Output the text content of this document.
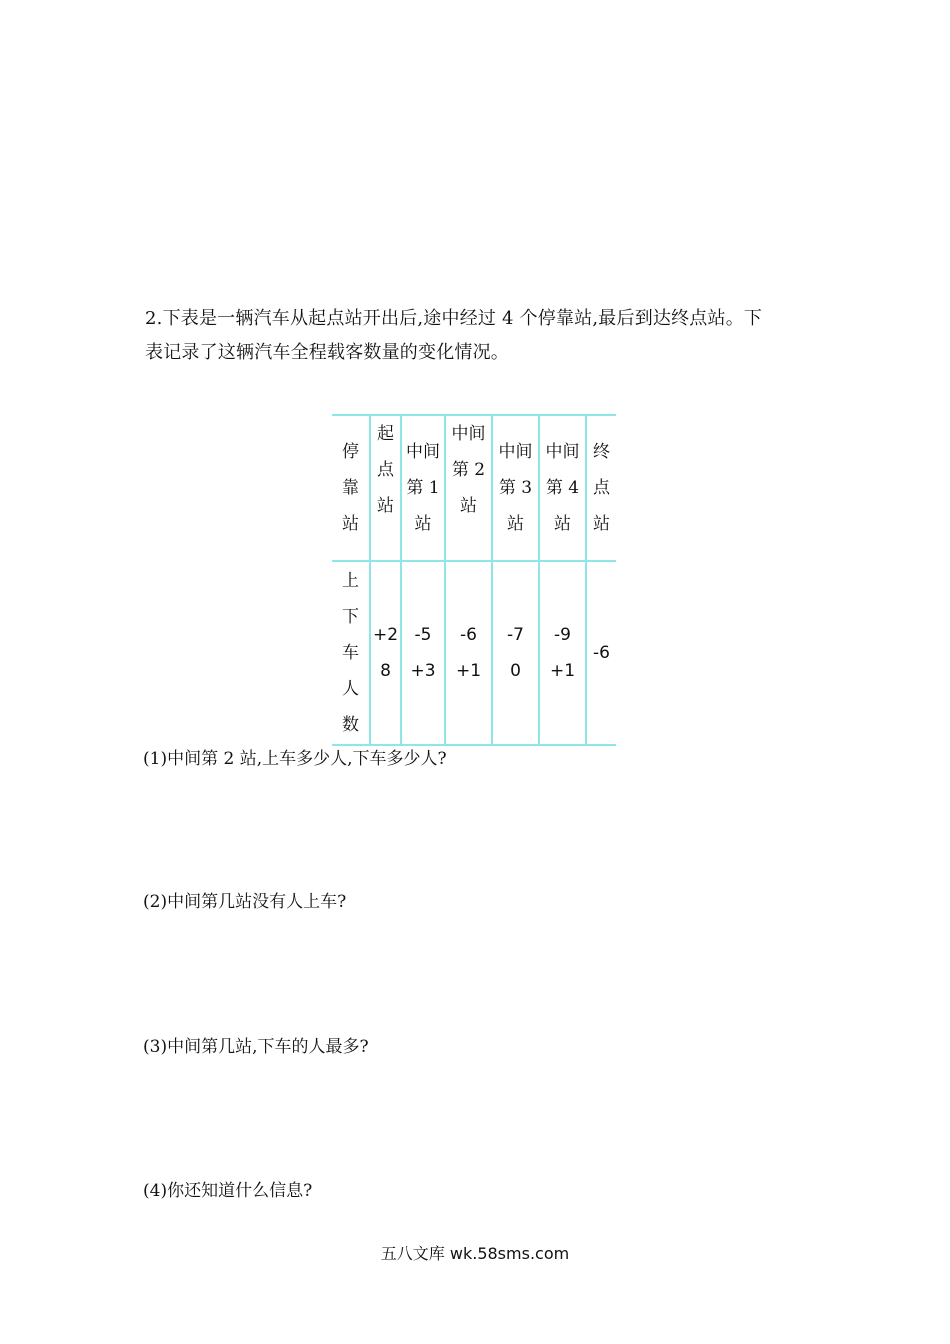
2.下表是一辆汽车从起点站开出后,途中经过 4 个停靠站,最后到达终点站。下

表记录了这辆汽车全程载客数量的变化情况。

停
靠
站	起
点
站	中间
第 1
站	中间
第 2
站	中间
第 3
站	中间
第 4
站	终
点
站

上
下
车
人
数	+2
8	-5
+3	-6
+1	-7
0	-9
+1	-6
(1)中间第 2 站,上车多少人,下车多少人?
(2)中间第几站没有人上车?
(3)中间第几站,下车的人最多?
(4)你还知道什么信息?
五八文库 wk.58sms.com
